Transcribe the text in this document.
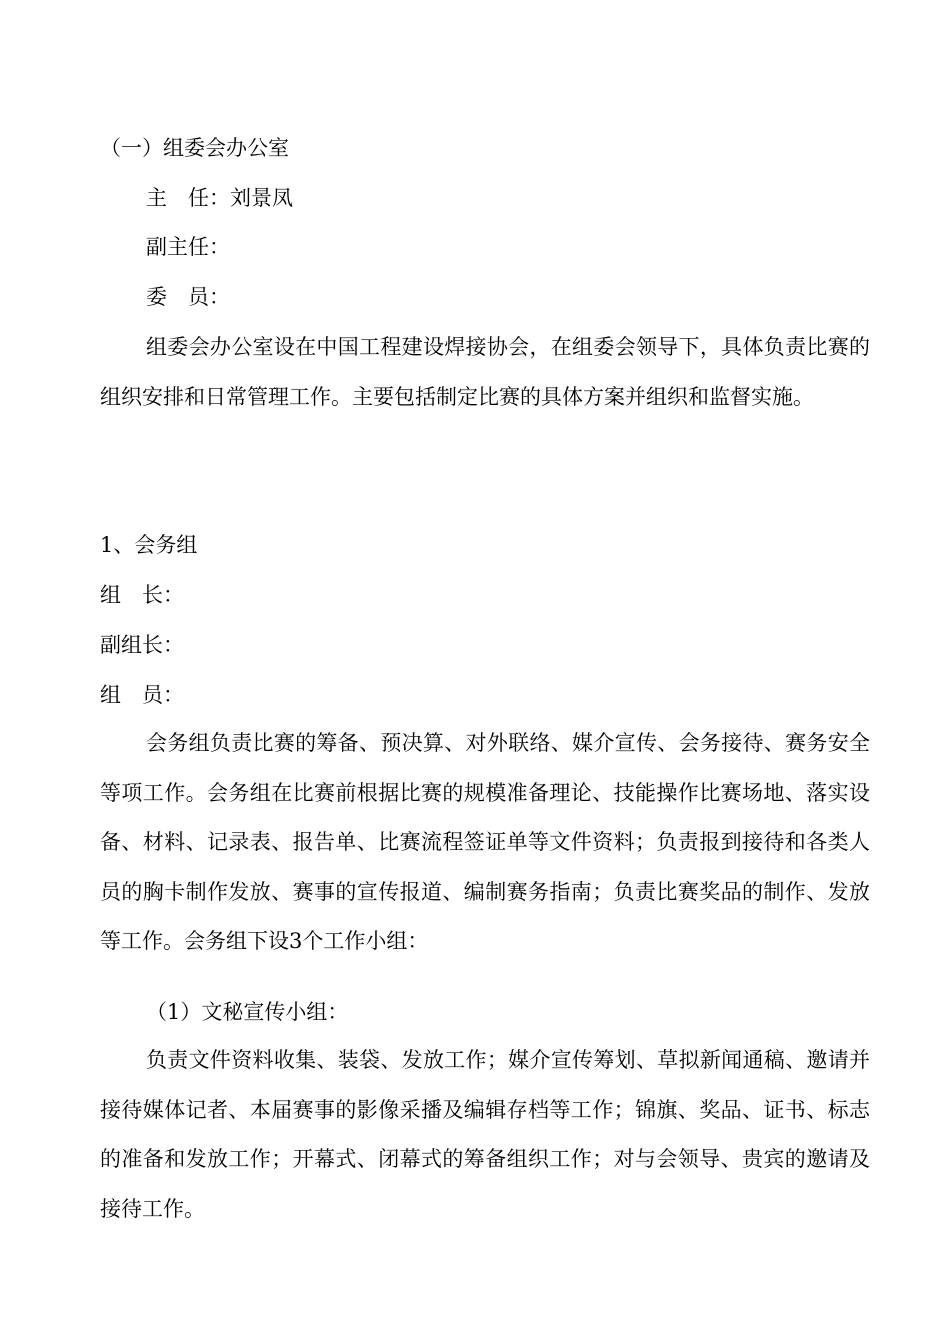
（一）组委会办公室
主　任：刘景凤
副主任：
委　员：
组委会办公室设在中国工程建设焊接协会，在组委会领导下，具体负责比赛的组织安排和日常管理工作。主要包括制定比赛的具体方案并组织和监督实施。
1、会务组
组　长：
副组长：
组　员：
会务组负责比赛的筹备、预决算、对外联络、媒介宣传、会务接待、赛务安全等项工作。会务组在比赛前根据比赛的规模准备理论、技能操作比赛场地、落实设备、材料、记录表、报告单、比赛流程签证单等文件资料；负责报到接待和各类人员的胸卡制作发放、赛事的宣传报道、编制赛务指南；负责比赛奖品的制作、发放等工作。会务组下设3个工作小组：
（1）文秘宣传小组：
负责文件资料收集、装袋、发放工作；媒介宣传筹划、草拟新闻通稿、邀请并接待媒体记者、本届赛事的影像采播及编辑存档等工作；锦旗、奖品、证书、标志的准备和发放工作；开幕式、闭幕式的筹备组织工作；对与会领导、贵宾的邀请及接待工作。
